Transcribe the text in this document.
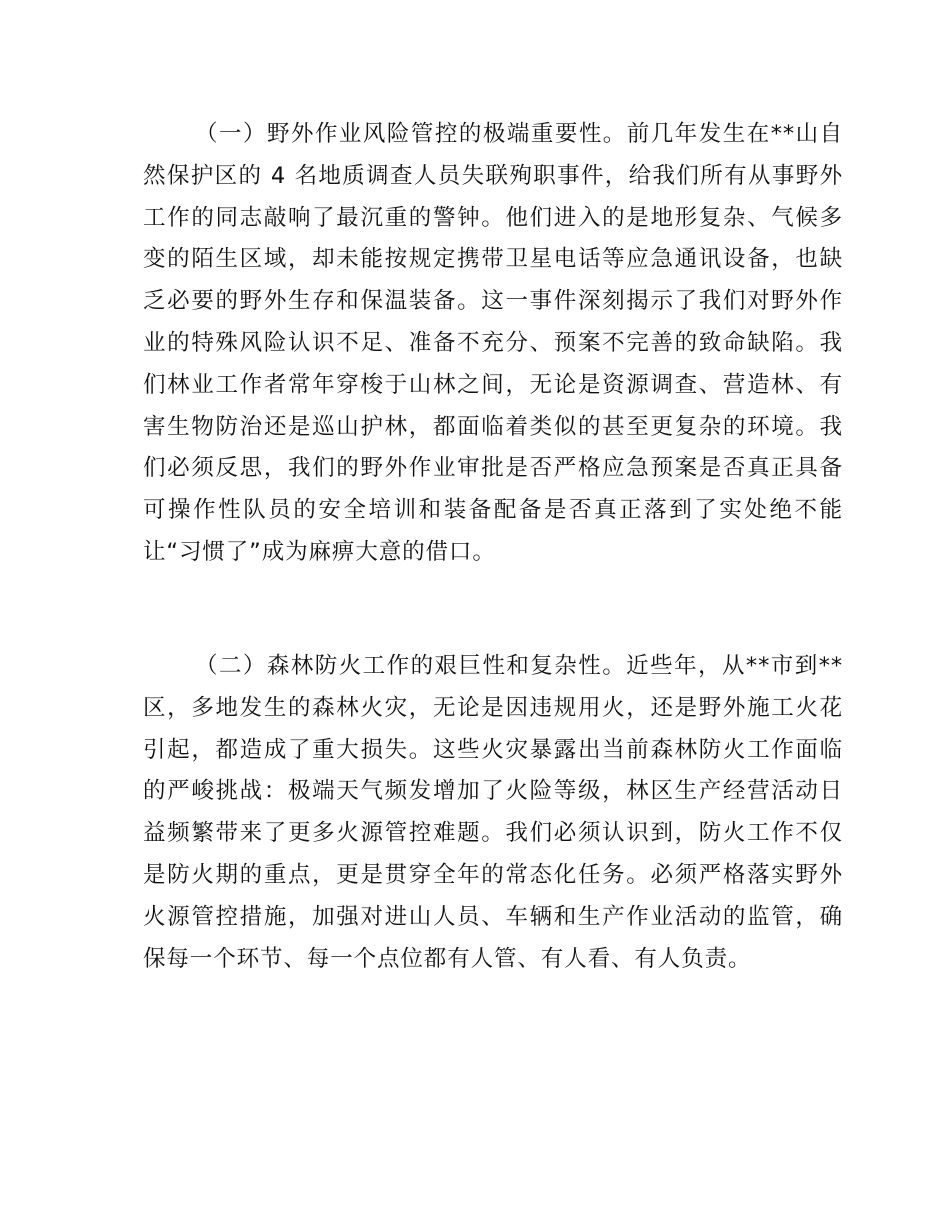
（一）野外作业风险管控的极端重要性。前几年发生在**山自然保护区的 4 名地质调查人员失联殉职事件，给我们所有从事野外工作的同志敲响了最沉重的警钟。他们进入的是地形复杂、气候多变的陌生区域，却未能按规定携带卫星电话等应急通讯设备，也缺乏必要的野外生存和保温装备。这一事件深刻揭示了我们对野外作业的特殊风险认识不足、准备不充分、预案不完善的致命缺陷。我们林业工作者常年穿梭于山林之间，无论是资源调查、营造林、有害生物防治还是巡山护林，都面临着类似的甚至更复杂的环境。我们必须反思，我们的野外作业审批是否严格应急预案是否真正具备可操作性队员的安全培训和装备配备是否真正落到了实处绝不能让“习惯了”成为麻痹大意的借口。

（二）森林防火工作的艰巨性和复杂性。近些年，从**市到**区，多地发生的森林火灾，无论是因违规用火，还是野外施工火花引起，都造成了重大损失。这些火灾暴露出当前森林防火工作面临的严峻挑战：极端天气频发增加了火险等级，林区生产经营活动日益频繁带来了更多火源管控难题。我们必须认识到，防火工作不仅是防火期的重点，更是贯穿全年的常态化任务。必须严格落实野外火源管控措施，加强对进山人员、车辆和生产作业活动的监管，确保每一个环节、每一个点位都有人管、有人看、有人负责。
